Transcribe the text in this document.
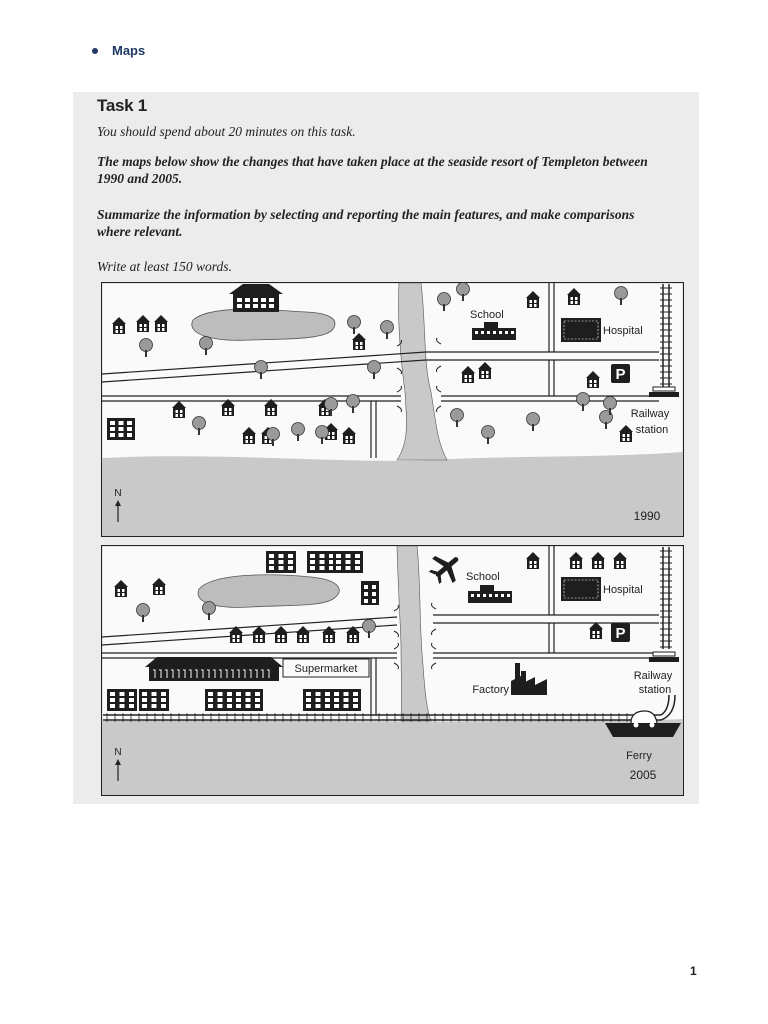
Maps
Task 1
You should spend about 20 minutes on this task.
The maps below show the changes that have taken place at the seaside resort of Templeton between 1990 and 2005.
Summarize the information by selecting and reporting the main features, and make comparisons where relevant.
Write at least 150 words.
School
Hospital
P
Railway
station
N
1990
Ferry
Supermarket
School
Hospital
P
Factory
Railway
station
N
2005
1
